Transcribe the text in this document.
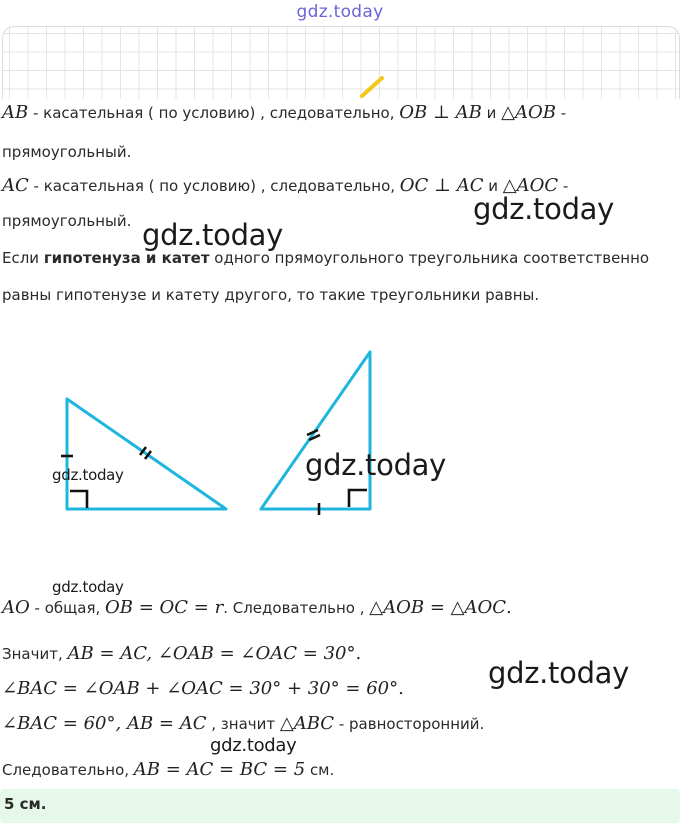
gdz.today
AB - касательная ( по условию) , следовательно, OB ⊥ AB и △AOB -
прямоугольный.
AC - касательная ( по условию) , следовательно, OC ⊥ AC и △AOC -
прямоугольный.
Если гипотенуза и катет одного прямоугольного треугольника соответственно
равны гипотенузе и катету другого, то такие треугольники равны.
AO - общая, OB = OC = r. Следовательно , △AOB = △AOC.
Значит, AB = AC, ∠OAB = ∠OAC = 30°.
∠BAC = ∠OAB + ∠OAC = 30° + 30° = 60°.
∠BAC = 60°, AB = AC , значит △ABC - равносторонний.
Следовательно, AB = AC = BC = 5 см.
5 см.
gdz.today
gdz.today
gdz.today	gdz.today
gdz.today
gdz.today
gdz.today
